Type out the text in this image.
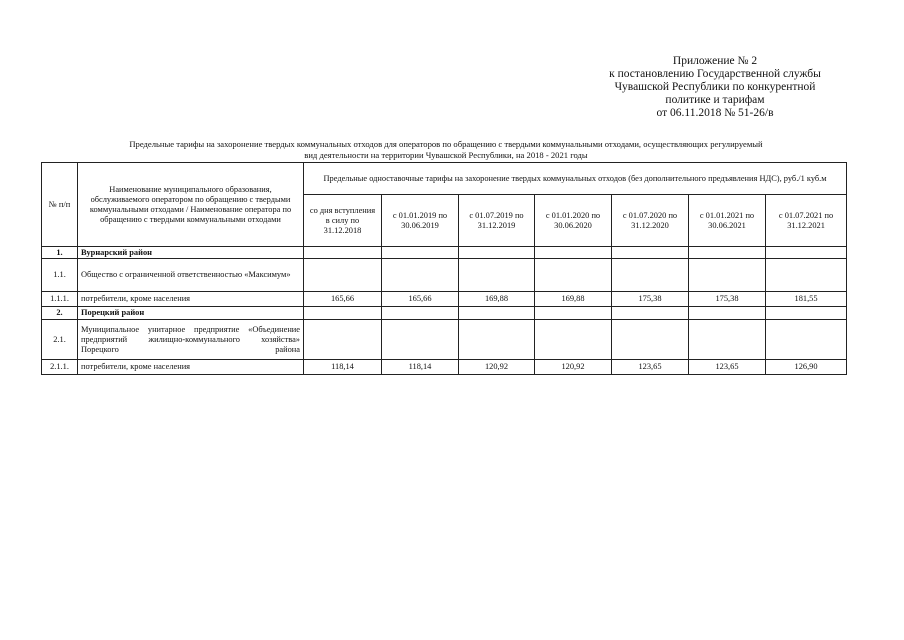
Приложение № 2
к постановлению Государственной службы
Чувашской Республики по конкурентной
политике и тарифам
от 06.11.2018 № 51-26/в
Предельные тарифы на захоронение твердых коммунальных отходов для операторов по обращению с твердыми коммунальными отходами, осуществляющих регулируемый
вид деятельности на территории Чувашской Республики, на 2018 - 2021 годы
№ п/п	Наименование муниципального образования, обслуживаемого оператором по обращению с твердыми коммунальными отходами / Наименование оператора по обращению с твердыми коммунальными отходами	Предельные одноставочные тарифы на захоронение твердых коммунальных отходов (без дополнительного предъявления НДС), руб./1 куб.м						
		со дня вступления в силу по 31.12.2018	с 01.01.2019 по 30.06.2019	с 01.07.2019 по 31.12.2019	с 01.01.2020 по 30.06.2020	с 01.07.2020 по 31.12.2020	с 01.01.2021 по 30.06.2021	с 01.07.2021 по 31.12.2021
1.	Вурнарский район							
1.1.	Общество с ограниченной ответственностью «Максимум»							
1.1.1.	потребители, кроме населения	165,66	165,66	169,88	169,88	175,38	175,38	181,55
2.	Порецкий район							
2.1.	Муниципальное унитарное предприятие «Объединение предприятий жилищно-коммунального хозяйства» Порецкого района							
2.1.1.	потребители, кроме населения	118,14	118,14	120,92	120,92	123,65	123,65	126,90
